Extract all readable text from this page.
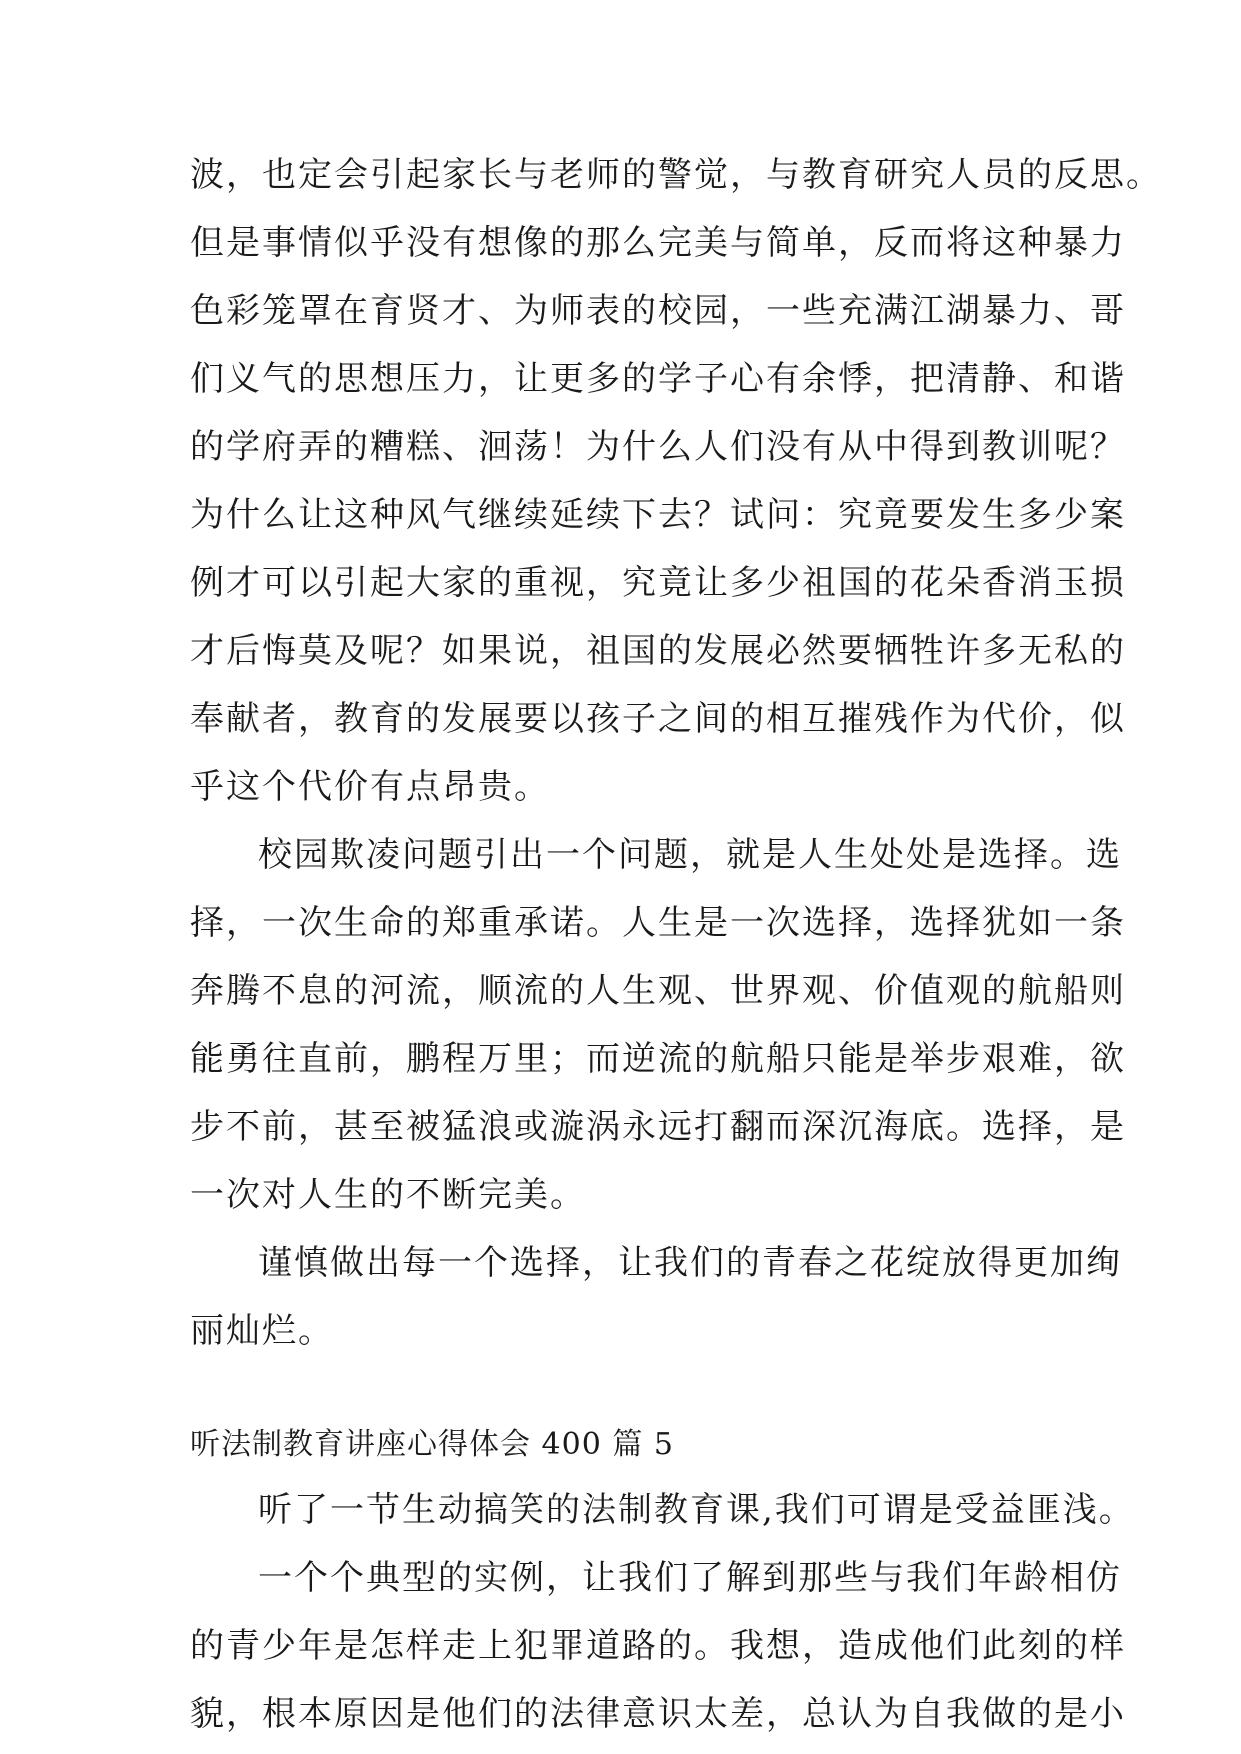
波，也定会引起家长与老师的警觉，与教育研究人员的反思。
但是事情似乎没有想像的那么完美与简单，反而将这种暴力
色彩笼罩在育贤才、为师表的校园，一些充满江湖暴力、哥
们义气的思想压力，让更多的学子心有余悸，把清静、和谐
的学府弄的糟糕、洄荡！为什么人们没有从中得到教训呢？
为什么让这种风气继续延续下去？试问：究竟要发生多少案
例才可以引起大家的重视，究竟让多少祖国的花朵香消玉损
才后悔莫及呢？如果说，祖国的发展必然要牺牲许多无私的
奉献者，教育的发展要以孩子之间的相互摧残作为代价，似
乎这个代价有点昂贵。
校园欺凌问题引出一个问题，就是人生处处是选择。选
择，一次生命的郑重承诺。人生是一次选择，选择犹如一条
奔腾不息的河流，顺流的人生观、世界观、价值观的航船则
能勇往直前，鹏程万里；而逆流的航船只能是举步艰难，欲
步不前，甚至被猛浪或漩涡永远打翻而深沉海底。选择，是
一次对人生的不断完美。
谨慎做出每一个选择，让我们的青春之花绽放得更加绚
丽灿烂。
听法制教育讲座心得体会 400 篇 5
听了一节生动搞笑的法制教育课,我们可谓是受益匪浅。
一个个典型的实例，让我们了解到那些与我们年龄相仿
的青少年是怎样走上犯罪道路的。我想，造成他们此刻的样
貌，根本原因是他们的法律意识太差，总认为自我做的是小
